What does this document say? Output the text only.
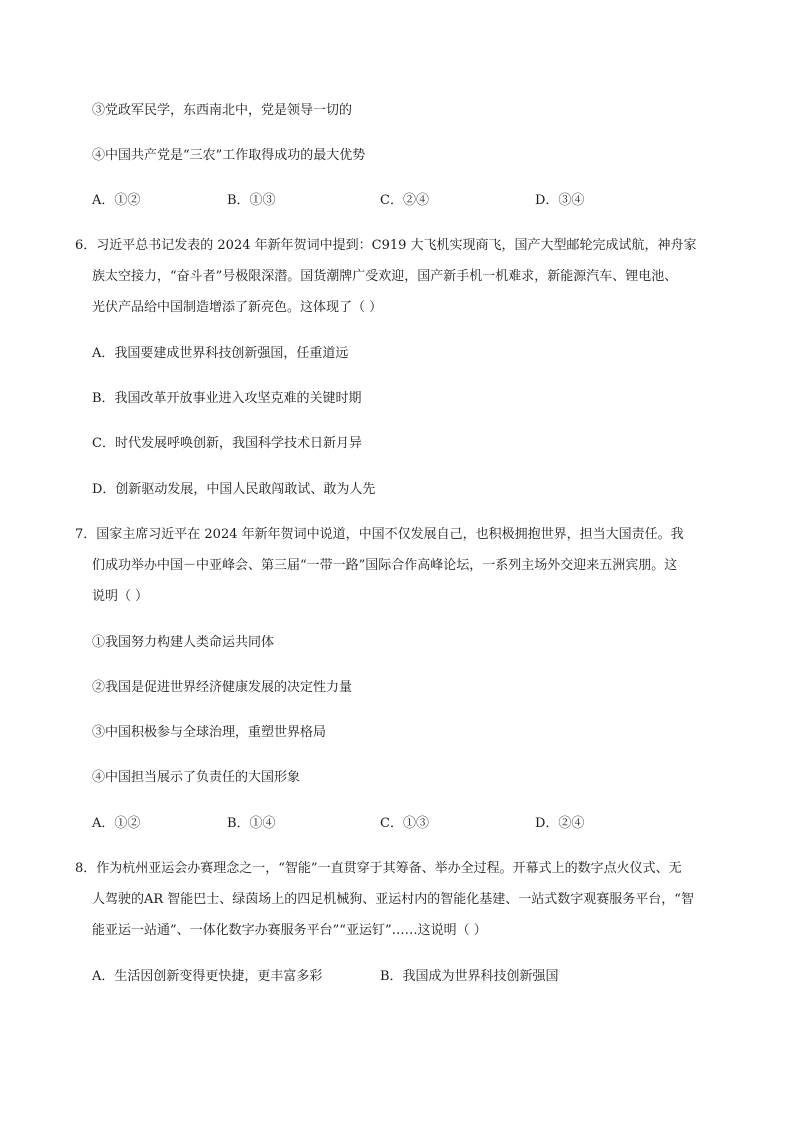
③党政军民学，东西南北中，党是领导一切的
④中国共产党是“三农”工作取得成功的最大优势
A．①②	B．①③	C．②④	D．③④
6．习近平总书记发表的 2024 年新年贺词中提到：C919 大飞机实现商飞，国产大型邮轮完成试航，神舟家
族太空接力，“奋斗者”号极限深潜。国货潮牌广受欢迎，国产新手机一机难求，新能源汽车、锂电池、
光伏产品给中国制造增添了新亮色。这体现了（ ）
A．我国要建成世界科技创新强国，任重道远
B．我国改革开放事业进入攻坚克难的关键时期
C．时代发展呼唤创新，我国科学技术日新月异
D．创新驱动发展，中国人民敢闯敢试、敢为人先
7．国家主席习近平在 2024 年新年贺词中说道，中国不仅发展自己，也积极拥抱世界，担当大国责任。我
们成功举办中国－中亚峰会、第三届“一带一路”国际合作高峰论坛，一系列主场外交迎来五洲宾朋。这
说明（ ）
①我国努力构建人类命运共同体
②我国是促进世界经济健康发展的决定性力量
③中国积极参与全球治理，重塑世界格局
④中国担当展示了负责任的大国形象
A．①②	B．①④	C．①③	D．②④
8．作为杭州亚运会办赛理念之一，“智能”一直贯穿于其筹备、举办全过程。开幕式上的数字点火仪式、无
人驾驶的AR 智能巴士、绿茵场上的四足机械狗、亚运村内的智能化基建、一站式数字观赛服务平台，“智
能亚运一站通”、一体化数字办赛服务平台”“亚运钉”……这说明（ ）
A．生活因创新变得更快捷，更丰富多彩	B．我国成为世界科技创新强国
